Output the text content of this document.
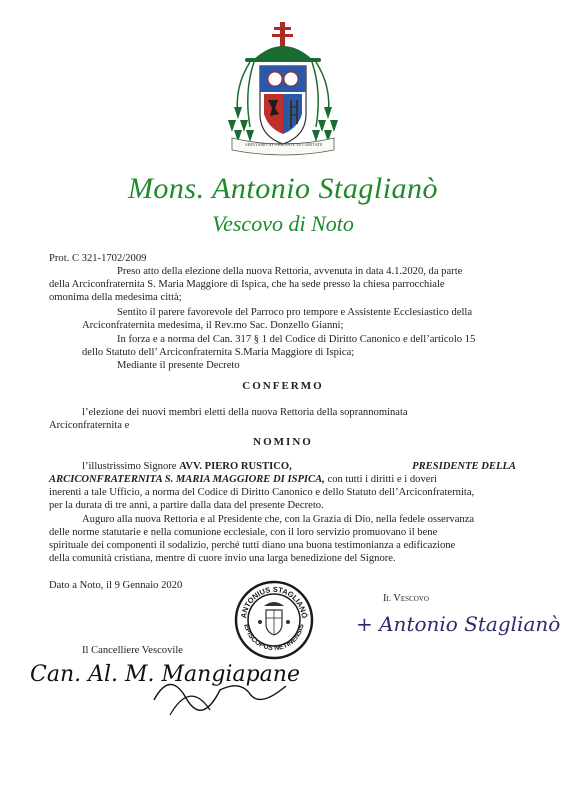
SERVIAMO AT VERITATE IN CARITATE
Mons. Antonio Staglianò
Vescovo di Noto
Prot. C 321-1702/2009
Preso atto della elezione della nuova Rettoria, avvenuta in data 4.1.2020, da parte
della Arciconfraternita S. Maria Maggiore di Ispica, che ha sede presso la chiesa parrocchiale
omonima della medesima città;
Sentito il parere favorevole del Parroco pro tempore e Assistente Ecclesiastico della
Arciconfraternita medesima, il Rev.mo Sac. Donzello Gianni;
In forza e a norma del Can. 317 § 1 del Codice di Diritto Canonico e dell’articolo 15
dello Statuto dell’ Arciconfraternita S.Maria Maggiore di Ispica;
Mediante il presente Decreto
CONFERMO
l’elezione dei nuovi membri eletti della nuova Rettoria della soprannominata
Arciconfraternita e
NOMINO
l’illustrissimo Signore AVV. PIERO RUSTICO,	PRESIDENTE DELLA
ARCICONFRATERNITA S. MARIA MAGGIORE DI ISPICA, con tutti i diritti e i doveri
inerenti a tale Ufficio, a norma del Codice di Diritto Canonico e dello Statuto dell’Arciconfraternita,
per la durata di tre anni, a partire dalla data del presente Decreto.
Auguro alla nuova Rettoria e al Presidente che, con la Grazia di Dio, nella fedele osservanza
delle norme statutarie e nella comunione ecclesiale, con il loro servizio promuovano il bene
spirituale dei componenti il sodalizio, perché tutti diano una buona testimonianza a edificazione
della comunità cristiana, mentre di cuore invio una larga benedizione del Signore.
Dato a Noto, il 9 Gennaio 2020
ANTONIUS STAGLIANÒ
EPISCOPUS NETINENSIS
Il Vescovo
+ Antonio Staglianò
Il Cancelliere Vescovile
Can. Al. M. Mangiapane
